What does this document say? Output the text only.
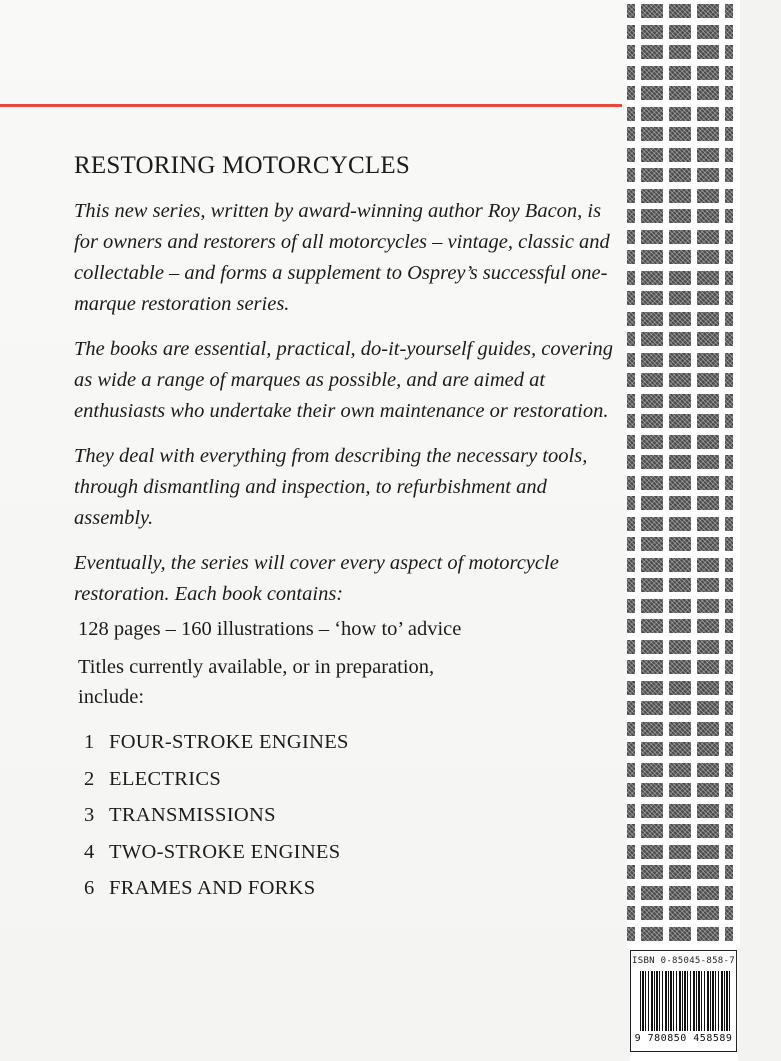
RESTORING MOTORCYCLES

This new series, written by award-winning author Roy Bacon, is for owners and restorers of all motorcycles – vintage, classic and collectable – and forms a supplement to Osprey’s successful one-marque restoration series.

The books are essential, practical, do-it-yourself guides, covering as wide a range of marques as possible, and are aimed at enthusiasts who undertake their own maintenance or restoration.

They deal with everything from describing the necessary tools, through dismantling and inspection, to refurbishment and assembly.

Eventually, the series will cover every aspect of motorcycle restoration. Each book contains:

128 pages – 160 illustrations – ‘how to’ advice

Titles currently available, or in preparation, include:

1 FOUR-STROKE ENGINES
2 ELECTRICS
3 TRANSMISSIONS
4 TWO-STROKE ENGINES
6 FRAMES AND FORKS
ISBN 0-85045-858-7
9 780850 458589
